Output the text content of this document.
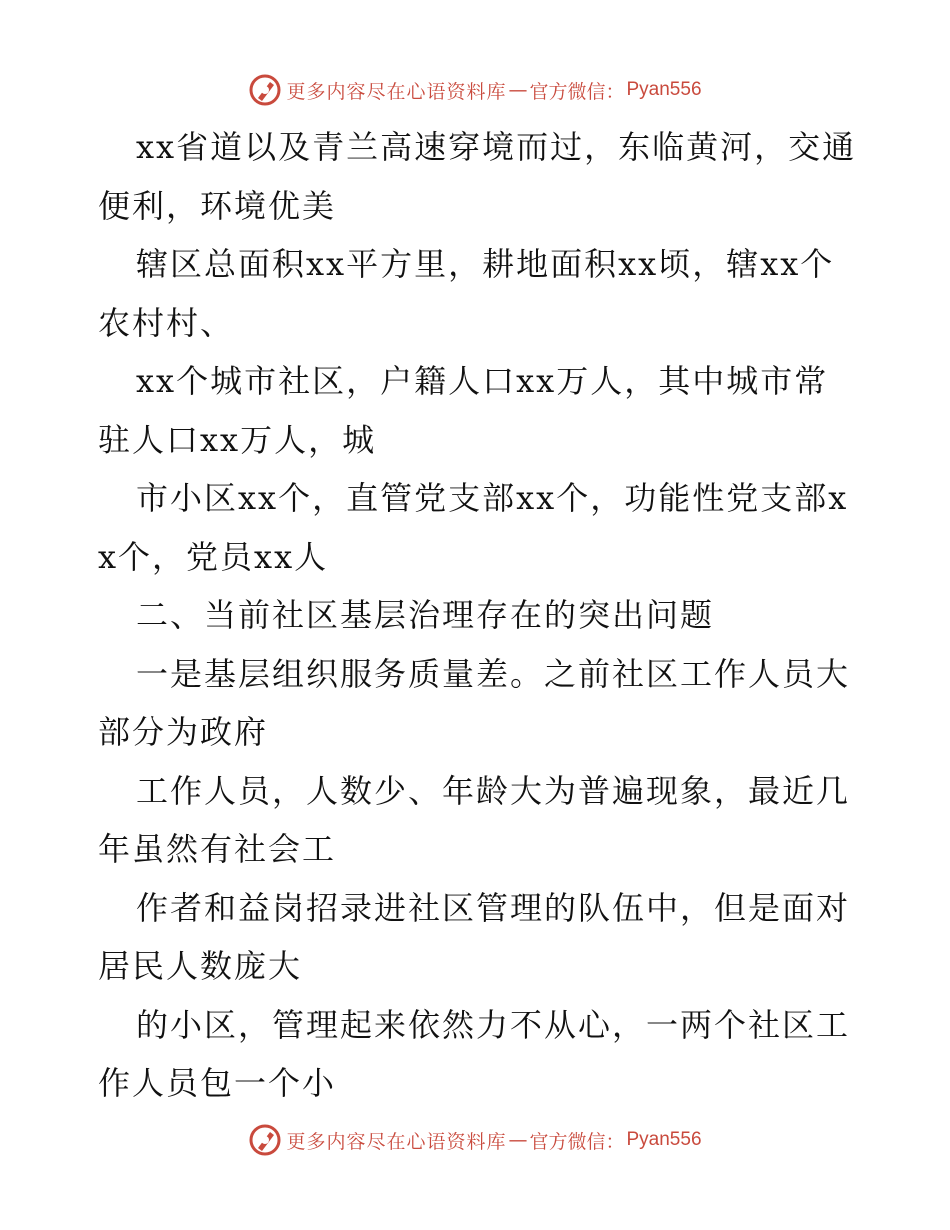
更多内容尽在心语资料库 — 官方微信： Pyan556

xx省道以及青兰高速穿境而过，东临黄河，交通便利，环境优美

辖区总面积xx平方里，耕地面积xx顷，辖xx个农村村、

xx个城市社区，户籍人口xx万人，其中城市常驻人口xx万人，城

市小区xx个，直管党支部xx个，功能性党支部xx个，党员xx人

二、当前社区基层治理存在的突出问题

一是基层组织服务质量差。之前社区工作人员大部分为政府

工作人员，人数少、年龄大为普遍现象，最近几年虽然有社会工

作者和益岗招录进社区管理的队伍中，但是面对居民人数庞大

的小区，管理起来依然力不从心，一两个社区工作人员包一个小

更多内容尽在心语资料库 — 官方微信： Pyan556
